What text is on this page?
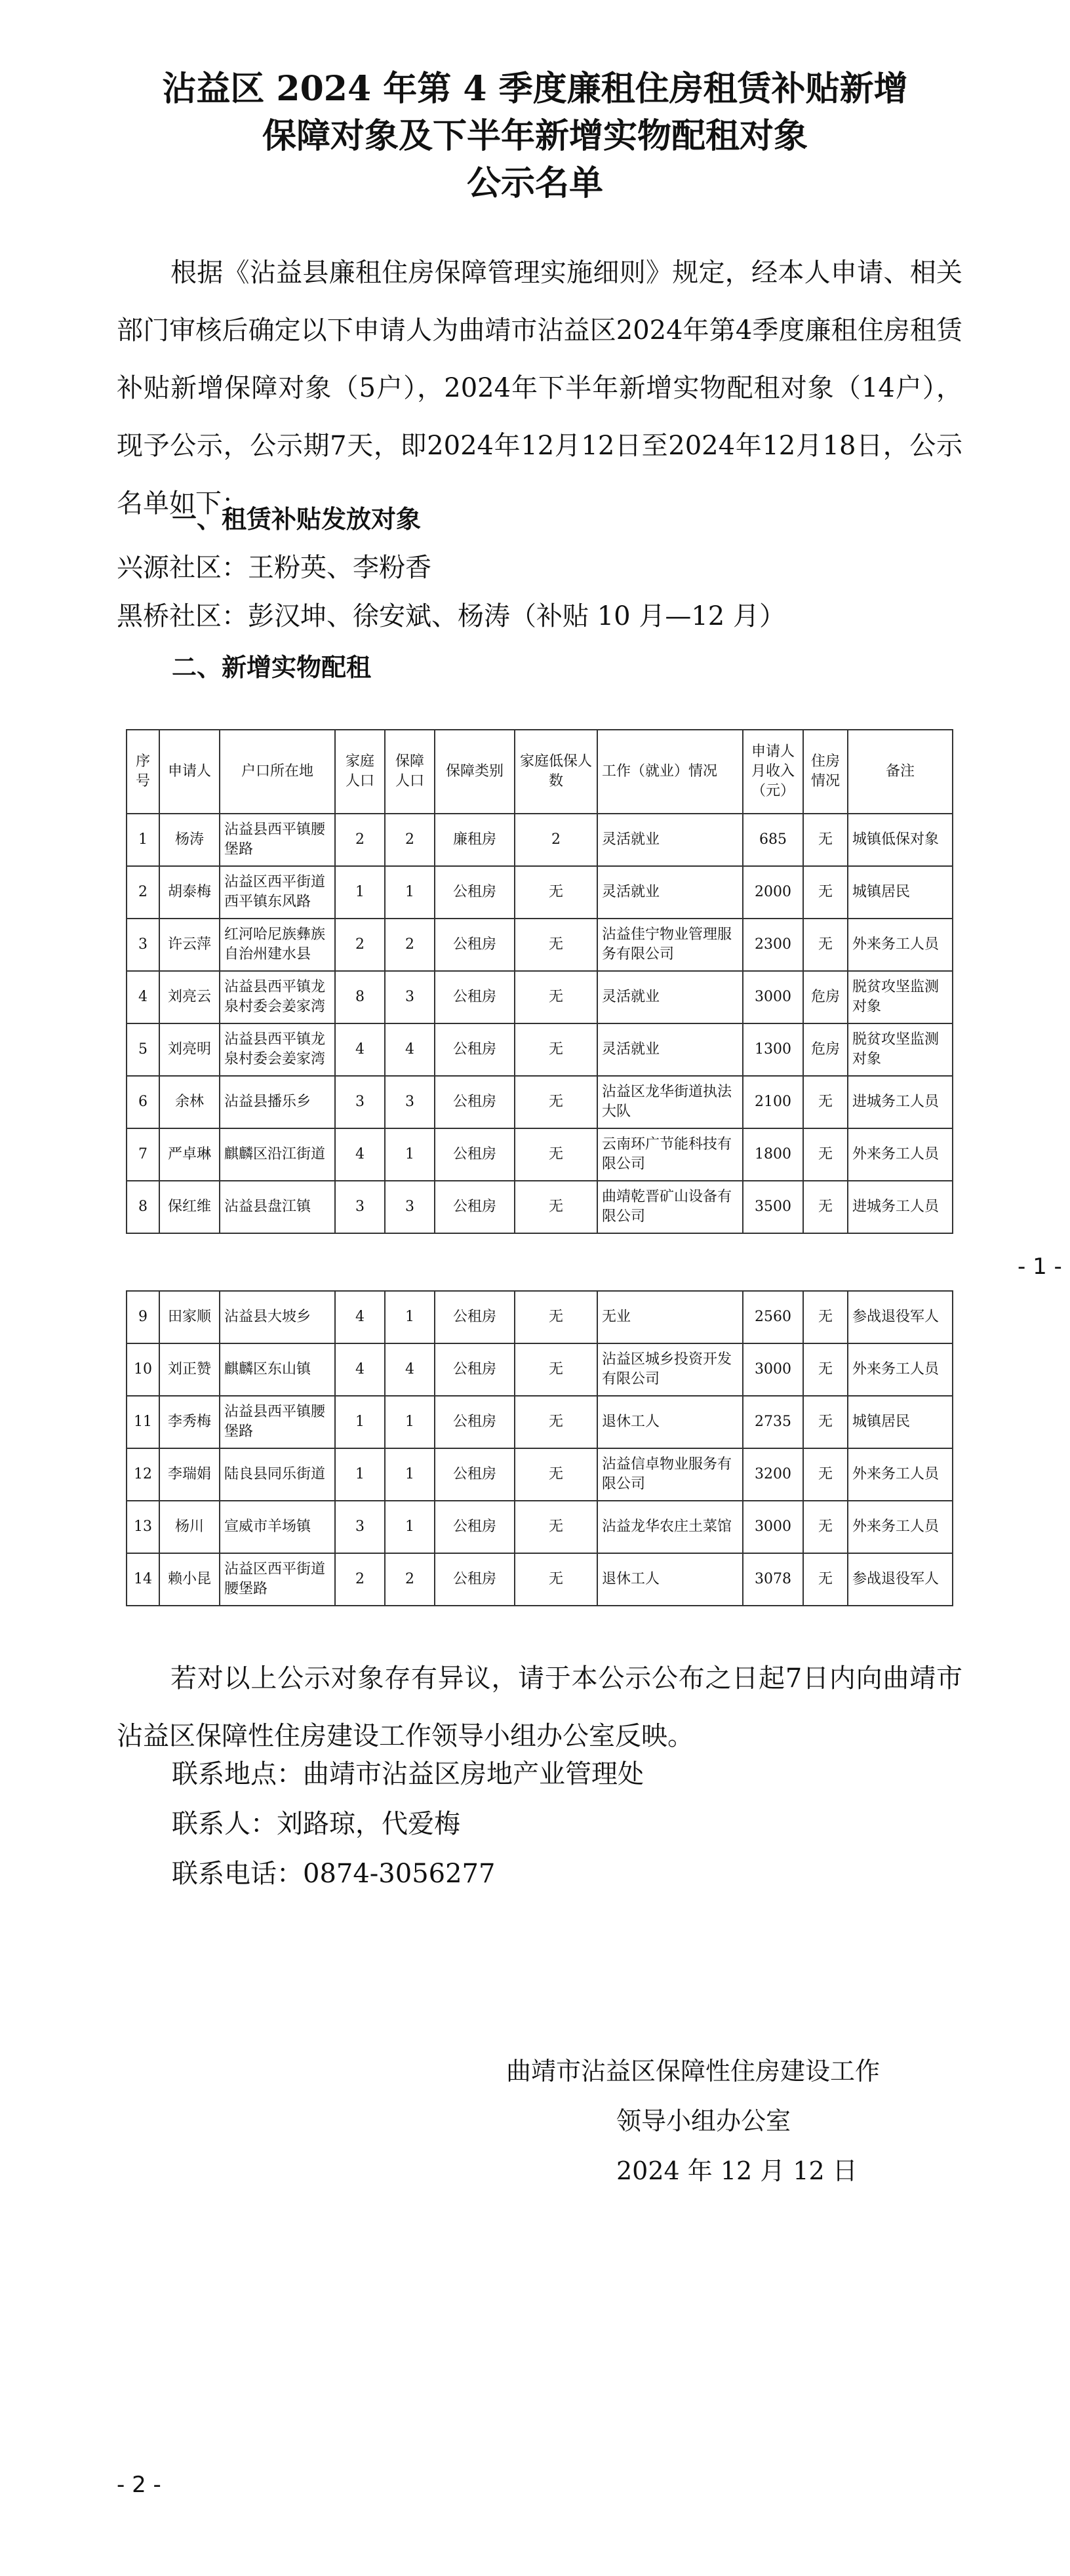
沾益区 2024 年第 4 季度廉租住房租赁补贴新增
保障对象及下半年新增实物配租对象
公示名单

根据《沾益县廉租住房保障管理实施细则》规定，经本人申请、相关部门审核后确定以下申请人为曲靖市沾益区2024年第4季度廉租住房租赁补贴新增保障对象（5户），2024年下半年新增实物配租对象（14户），现予公示，公示期7天，即2024年12月12日至2024年12月18日，公示名单如下：

一、租赁补贴发放对象
兴源社区：王粉英、李粉香
黑桥社区：彭汉坤、徐安斌、杨涛（补贴 10 月—12 月）
二、新增实物配租
序号	申请人	户口所在地	家庭人口	保障人口	保障类别	家庭低保人数	工作（就业）情况	申请人月收入（元）	住房情况	备注
1	杨涛	沾益县西平镇腰堡路	2	2	廉租房	2	灵活就业	685	无	城镇低保对象
2	胡泰梅	沾益区西平街道西平镇东风路	1	1	公租房	无	灵活就业	2000	无	城镇居民
3	许云萍	红河哈尼族彝族自治州建水县	2	2	公租房	无	沾益佳宁物业管理服务有限公司	2300	无	外来务工人员
4	刘亮云	沾益县西平镇龙泉村委会姜家湾	8	3	公租房	无	灵活就业	3000	危房	脱贫攻坚监测对象
5	刘亮明	沾益县西平镇龙泉村委会姜家湾	4	4	公租房	无	灵活就业	1300	危房	脱贫攻坚监测对象
6	余林	沾益县播乐乡	3	3	公租房	无	沾益区龙华街道执法大队	2100	无	进城务工人员
7	严卓琳	麒麟区沿江街道	4	1	公租房	无	云南环广节能科技有限公司	1800	无	外来务工人员
8	保红维	沾益县盘江镇	3	3	公租房	无	曲靖乾晋矿山设备有限公司	3500	无	进城务工人员
- 1 -
9	田家顺	沾益县大坡乡	4	1	公租房	无	无业	2560	无	参战退役军人
10	刘正赞	麒麟区东山镇	4	4	公租房	无	沾益区城乡投资开发有限公司	3000	无	外来务工人员
11	李秀梅	沾益县西平镇腰堡路	1	1	公租房	无	退休工人	2735	无	城镇居民
12	李瑞娟	陆良县同乐街道	1	1	公租房	无	沾益信卓物业服务有限公司	3200	无	外来务工人员
13	杨川	宣威市羊场镇	3	1	公租房	无	沾益龙华农庄土菜馆	3000	无	外来务工人员
14	赖小昆	沾益区西平街道腰堡路	2	2	公租房	无	退休工人	3078	无	参战退役军人

若对以上公示对象存有异议，请于本公示公布之日起7日内向曲靖市沾益区保障性住房建设工作领导小组办公室反映。

联系地点：曲靖市沾益区房地产业管理处
联系人：刘路琼，代爱梅
联系电话：0874-3056277
曲靖市沾益区保障性住房建设工作
领导小组办公室
2024 年 12 月 12 日
- 2 -
